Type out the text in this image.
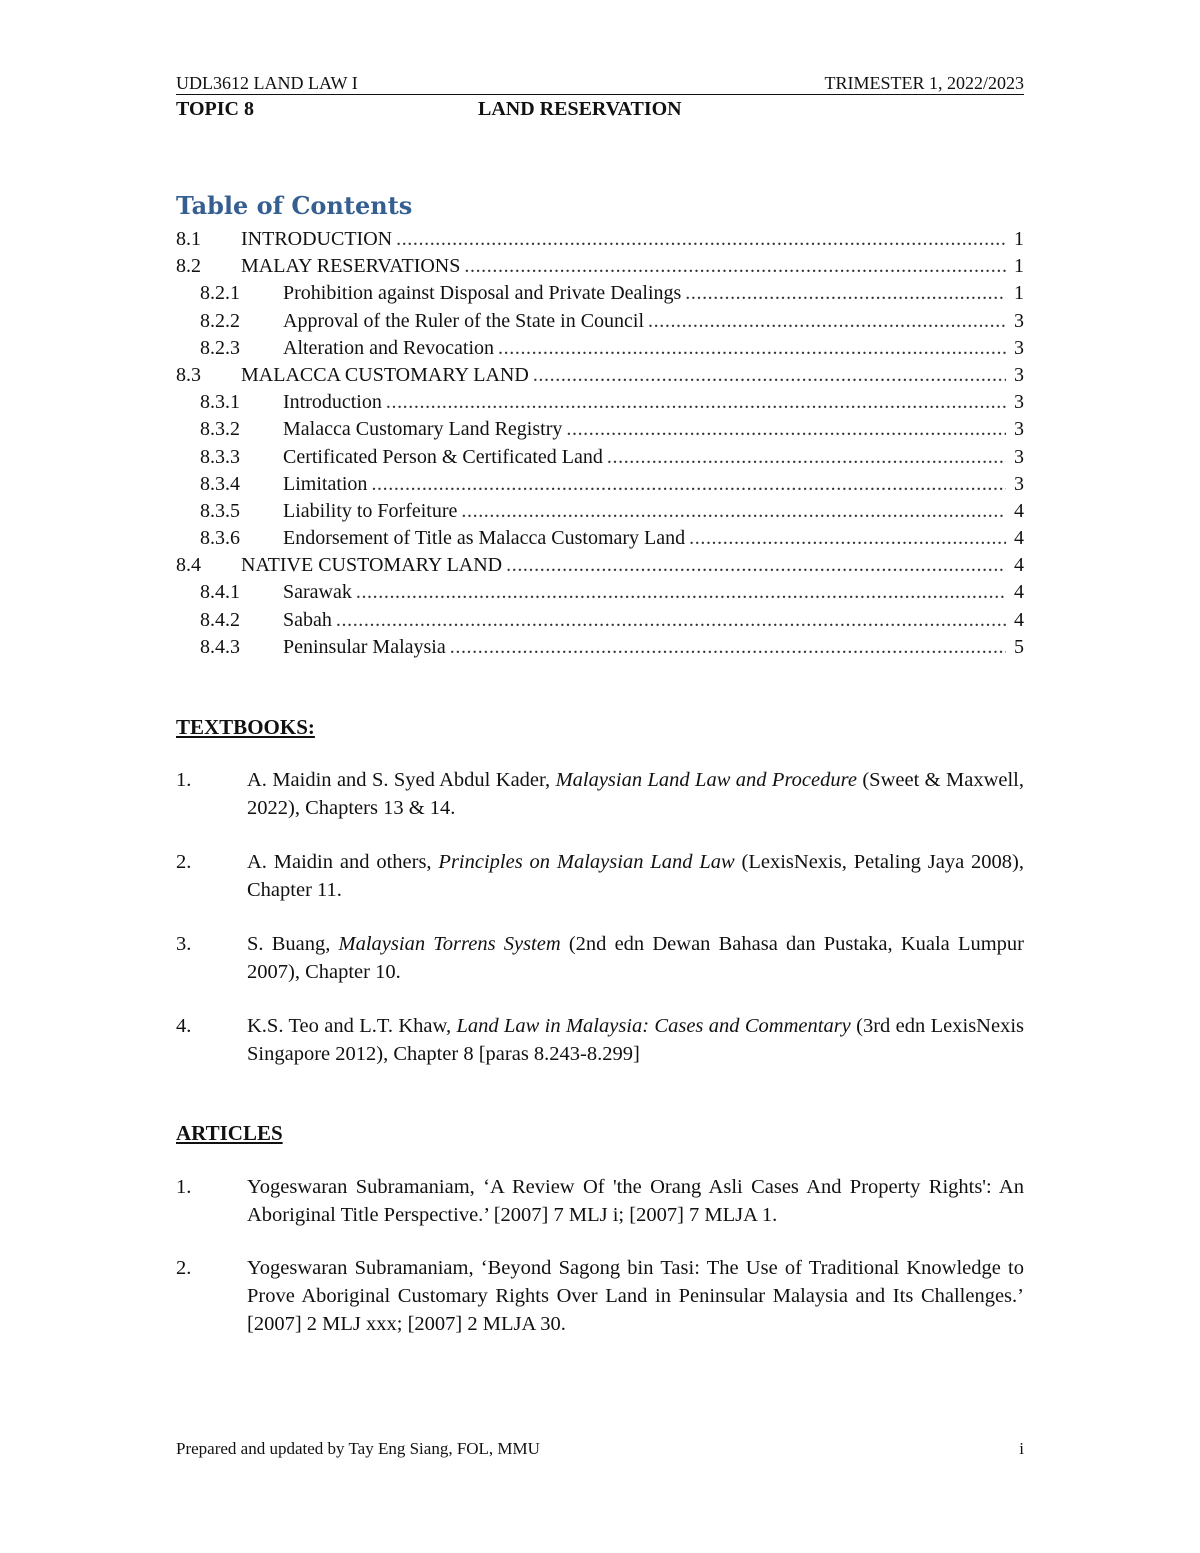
UDL3612 LAND LAW I	TRIMESTER 1, 2022/2023
TOPIC 8	LAND RESERVATION
Table of Contents
8.1	INTRODUCTION .....	1
8.2	MALAY RESERVATIONS .....	1
8.2.1	Prohibition against Disposal and Private Dealings .....	1
8.2.2	Approval of the Ruler of the State in Council .....	3
8.2.3	Alteration and Revocation .....	3
8.3	MALACCA CUSTOMARY LAND .....	3
8.3.1	Introduction .....	3
8.3.2	Malacca Customary Land Registry .....	3
8.3.3	Certificated Person & Certificated Land .....	3
8.3.4	Limitation .....	3
8.3.5	Liability to Forfeiture .....	4
8.3.6	Endorsement of Title as Malacca Customary Land .....	4
8.4	NATIVE CUSTOMARY LAND .....	4
8.4.1	Sarawak .....	4
8.4.2	Sabah .....	4
8.4.3	Peninsular Malaysia .....	5
TEXTBOOKS:
1.	A. Maidin and S. Syed Abdul Kader, Malaysian Land Law and Procedure (Sweet & Maxwell, 2022), Chapters 13 & 14.
2.	A. Maidin and others, Principles on Malaysian Land Law (LexisNexis, Petaling Jaya 2008), Chapter 11.
3.	S. Buang, Malaysian Torrens System (2nd edn Dewan Bahasa dan Pustaka, Kuala Lumpur 2007), Chapter 10.
4.	K.S. Teo and L.T. Khaw, Land Law in Malaysia: Cases and Commentary (3rd edn LexisNexis Singapore 2012), Chapter 8 [paras 8.243-8.299]
ARTICLES
1.	Yogeswaran Subramaniam, ‘A Review Of 'the Orang Asli Cases And Property Rights': An Aboriginal Title Perspective.’ [2007] 7 MLJ i; [2007] 7 MLJA 1.
2.	Yogeswaran Subramaniam, ‘Beyond Sagong bin Tasi: The Use of Traditional Knowledge to Prove Aboriginal Customary Rights Over Land in Peninsular Malaysia and Its Challenges.’ [2007] 2 MLJ xxx; [2007] 2 MLJA 30.
Prepared and updated by Tay Eng Siang, FOL, MMU	i
